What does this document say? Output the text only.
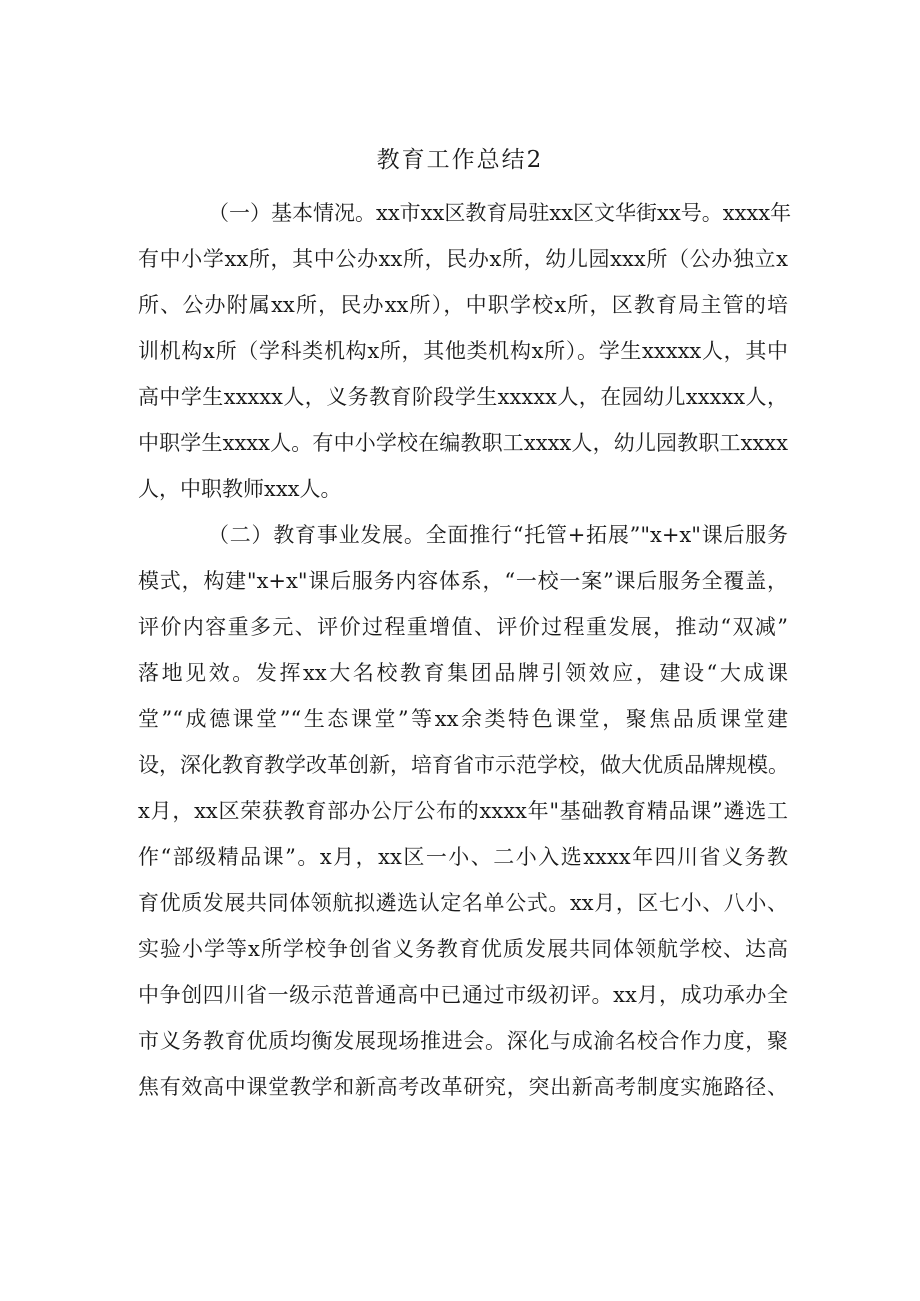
教育工作总结2
（一）基本情况。xx市xx区教育局驻xx区文华街xx号。xxxx年
有中小学xx所，其中公办xx所，民办x所，幼儿园xxx所（公办独立x
所、公办附属xx所，民办xx所），中职学校x所，区教育局主管的培
训机构x所（学科类机构x所，其他类机构x所）。学生xxxxx人，其中
高中学生xxxxx人，义务教育阶段学生xxxxx人，在园幼儿xxxxx人，
中职学生xxxx人。有中小学校在编教职工xxxx人，幼儿园教职工xxxx
人，中职教师xxx人。
（二）教育事业发展。全面推行“托管+拓展”"x+x"课后服务
模式，构建"x+x"课后服务内容体系，“一校一案”课后服务全覆盖，
评价内容重多元、评价过程重增值、评价过程重发展，推动“双减”
落地见效。发挥xx大名校教育集团品牌引领效应，建设“大成课
堂”“成德课堂”“生态课堂”等xx余类特色课堂，聚焦品质课堂建
设，深化教育教学改革创新，培育省市示范学校，做大优质品牌规模。
x月，xx区荣获教育部办公厅公布的xxxx年"基础教育精品课”遴选工
作“部级精品课”。x月，xx区一小、二小入选xxxx年四川省义务教
育优质发展共同体领航拟遴选认定名单公式。xx月，区七小、八小、
实验小学等x所学校争创省义务教育优质发展共同体领航学校、达高
中争创四川省一级示范普通高中已通过市级初评。xx月，成功承办全
市义务教育优质均衡发展现场推进会。深化与成渝名校合作力度，聚
焦有效高中课堂教学和新高考改革研究，突出新高考制度实施路径、
